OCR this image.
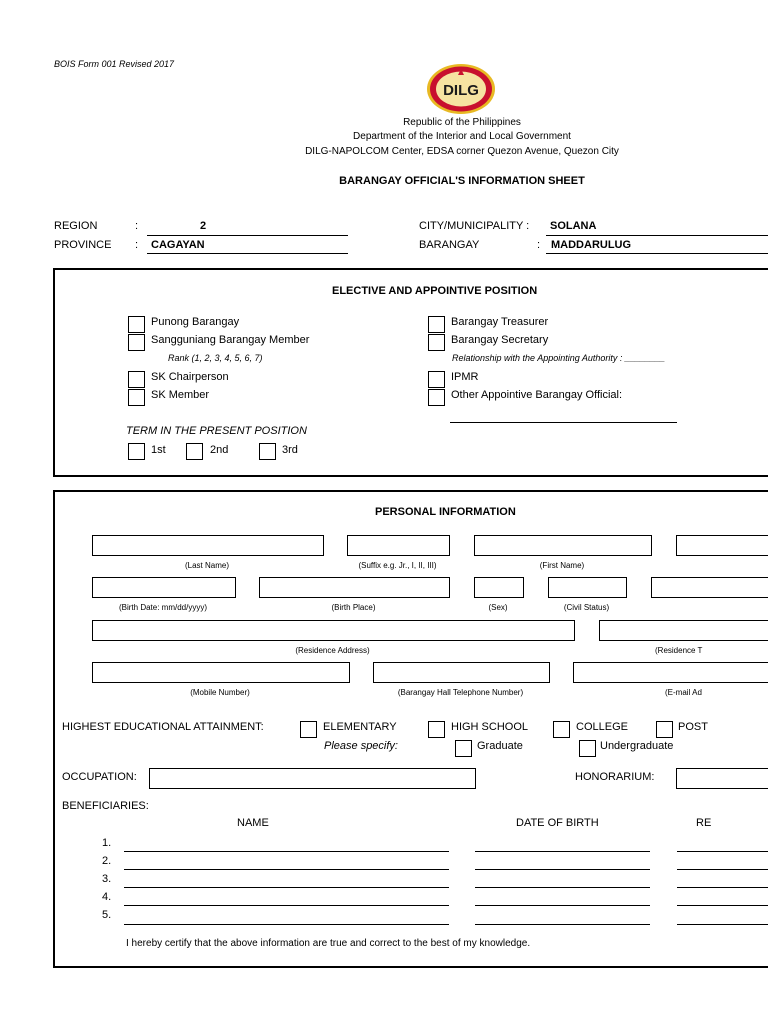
BOIS Form 001 Revised 2017
DILG
Republic of the Philippines
Department of the Interior and Local Government
DILG-NAPOLCOM Center, EDSA corner Quezon Avenue, Quezon City
BARANGAY OFFICIAL'S INFORMATION SHEET
REGION	:	2
PROVINCE : CAGAYAN
CITY/MUNICIPALITY : SOLANA
BARANGAY	: MADDARULUG
ELECTIVE AND APPOINTIVE POSITION
Punong Barangay
Sangguniang Barangay Member
Rank (1, 2, 3, 4, 5, 6, 7)
SK Chairperson
SK Member
Barangay Treasurer
Barangay Secretary
Relationship with the Appointing Authority : ________
IPMR
Other Appointive Barangay Official:
TERM IN THE PRESENT POSITION
1st	2nd	3rd
PERSONAL INFORMATION
(Last Name)	(Suffix e.g. Jr., I, II, III)	(First Name)
(Birth Date: mm/dd/yyyy)	(Birth Place)	(Sex)	(Civil Status)
(Residence Address)	(Residence T
(Mobile Number)	(Barangay Hall Telephone Number)	(E-mail Ad
HIGHEST EDUCATIONAL ATTAINMENT:	ELEMENTARY	HIGH SCHOOL	COLLEGE	POST
Please specify:	Graduate	Undergraduate
OCCUPATION:	HONORARIUM:
BENEFICIARIES:
NAME	DATE OF BIRTH	RE
1.
2.
3.
4.
5.
I hereby certify that the above information are true and correct to the best of my knowledge.
